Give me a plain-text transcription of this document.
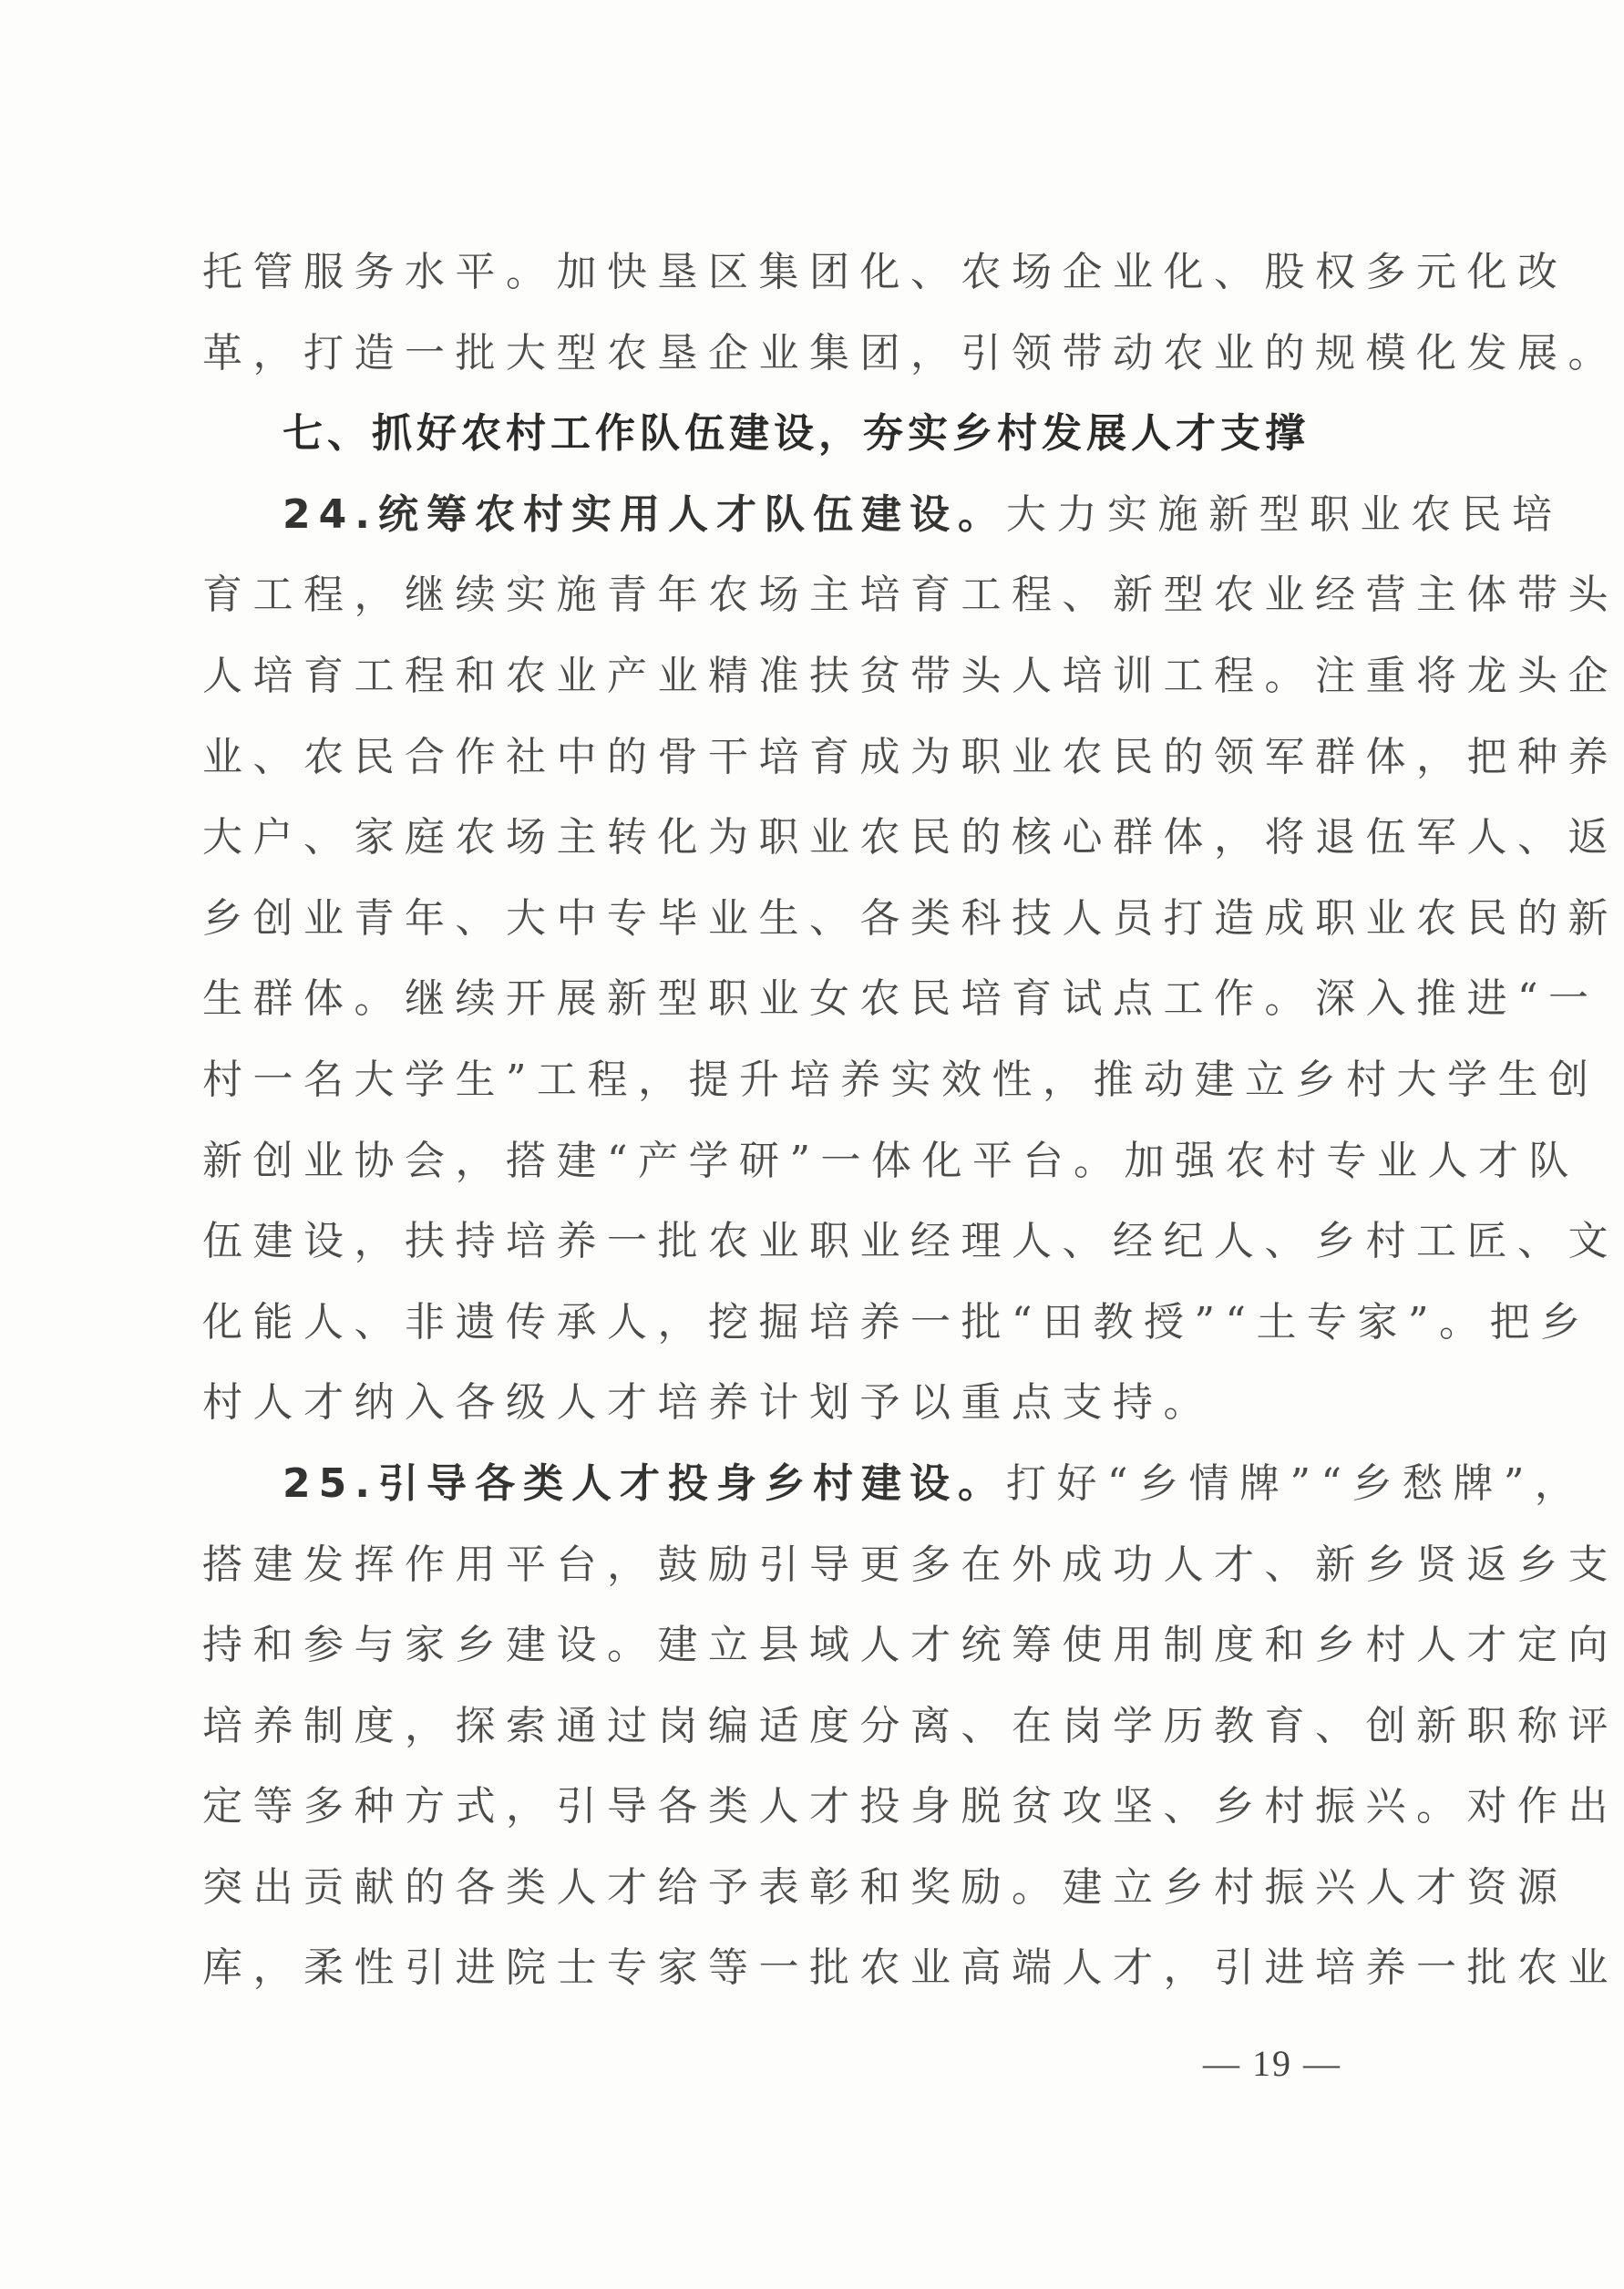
托管服务水平。加快垦区集团化、农场企业化、股权多元化改
革，打造一批大型农垦企业集团，引领带动农业的规模化发展。
七、抓好农村工作队伍建设，夯实乡村发展人才支撑
24.统筹农村实用人才队伍建设。大力实施新型职业农民培
育工程，继续实施青年农场主培育工程、新型农业经营主体带头
人培育工程和农业产业精准扶贫带头人培训工程。注重将龙头企
业、农民合作社中的骨干培育成为职业农民的领军群体，把种养
大户、家庭农场主转化为职业农民的核心群体，将退伍军人、返
乡创业青年、大中专毕业生、各类科技人员打造成职业农民的新
生群体。继续开展新型职业女农民培育试点工作。深入推进“一
村一名大学生”工程，提升培养实效性，推动建立乡村大学生创
新创业协会，搭建“产学研”一体化平台。加强农村专业人才队
伍建设，扶持培养一批农业职业经理人、经纪人、乡村工匠、文
化能人、非遗传承人，挖掘培养一批“田教授”“土专家”。把乡
村人才纳入各级人才培养计划予以重点支持。
25.引导各类人才投身乡村建设。打好“乡情牌”“乡愁牌”，
搭建发挥作用平台，鼓励引导更多在外成功人才、新乡贤返乡支
持和参与家乡建设。建立县域人才统筹使用制度和乡村人才定向
培养制度，探索通过岗编适度分离、在岗学历教育、创新职称评
定等多种方式，引导各类人才投身脱贫攻坚、乡村振兴。对作出
突出贡献的各类人才给予表彰和奖励。建立乡村振兴人才资源
库，柔性引进院士专家等一批农业高端人才，引进培养一批农业
— 19 —
